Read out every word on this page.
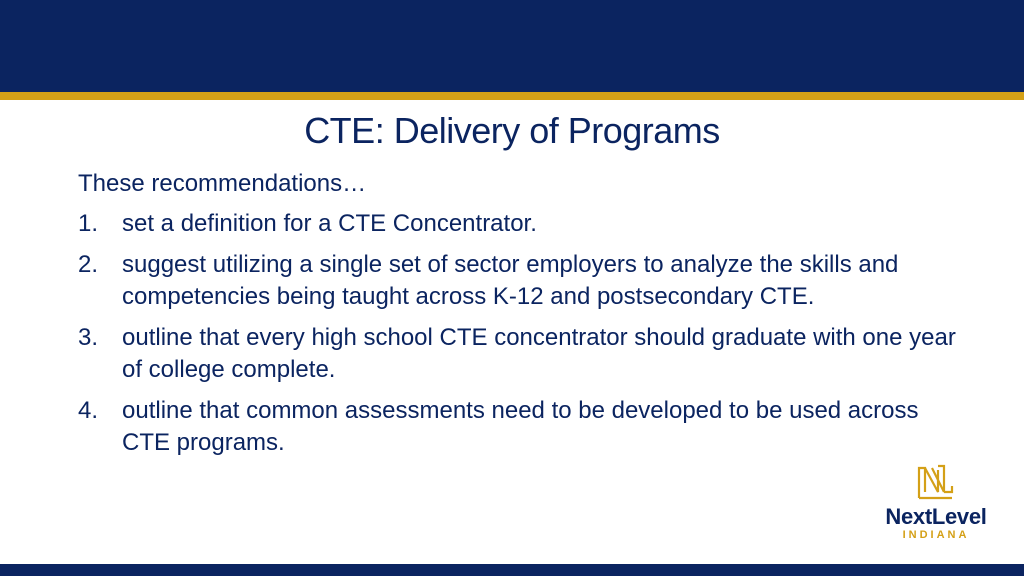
CTE: Delivery of Programs

These recommendations…

1. set a definition for a CTE Concentrator.
2. suggest utilizing a single set of sector employers to analyze the skills and competencies being taught across K-12 and postsecondary CTE.
3. outline that every high school CTE concentrator should graduate with one year of college complete.
4. outline that common assessments need to be developed to be used across CTE programs.
NextLevel
INDIANA
